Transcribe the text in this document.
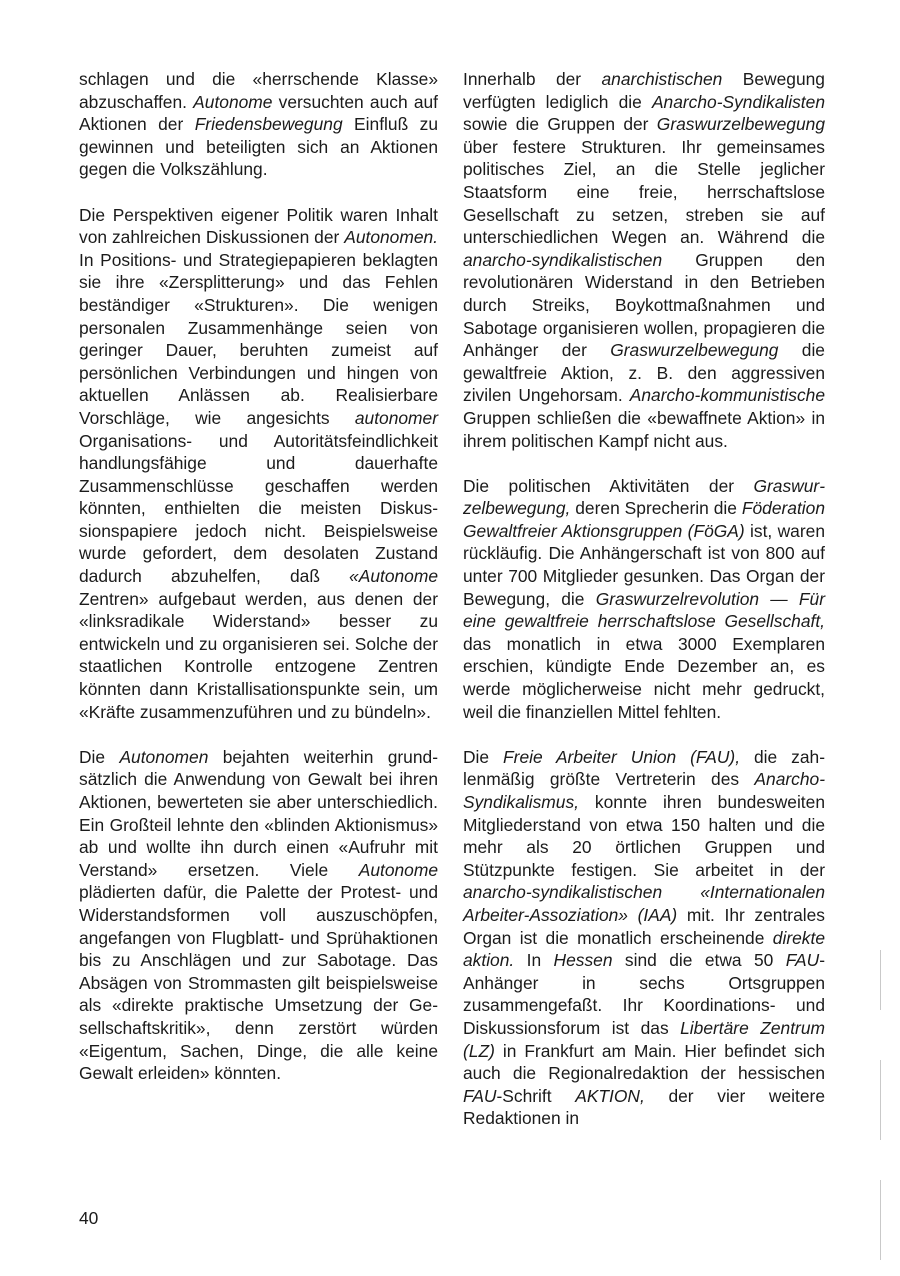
schlagen und die «herrschende Klasse» abzuschaffen. Autonome versuchten auch auf Aktionen der Friedensbewegung Einfluß zu gewinnen und beteiligten sich an Aktionen gegen die Volkszählung.

Die Perspektiven eigener Politik waren Inhalt von zahlreichen Diskussionen der Autonomen. In Positions- und Strategiepapieren beklagten sie ihre «Zersplitterung» und das Fehlen beständiger «Strukturen». Die wenigen personalen Zusammenhänge seien von geringer Dauer, beruhten zumeist auf persönlichen Verbindungen und hingen von aktuellen Anlässen ab. Realisierbare Vorschläge, wie angesichts autonomer Organisations- und Autoritätsfeindlichkeit handlungsfähige und dauerhafte Zusammenschlüsse geschaffen werden könnten, enthielten die meisten Diskussionspapiere jedoch nicht. Beispielsweise wurde gefordert, dem desolaten Zustand dadurch abzuhelfen, daß «Autonome Zentren» aufgebaut werden, aus denen der «linksradikale Widerstand» besser zu entwickeln und zu organisieren sei. Solche der staatlichen Kontrolle entzogene Zentren könnten dann Kristallisationspunkte sein, um «Kräfte zusammenzuführen und zu bündeln».

Die Autonomen bejahten weiterhin grundsätzlich die Anwendung von Gewalt bei ihren Aktionen, bewerteten sie aber unterschiedlich. Ein Großteil lehnte den «blinden Aktionismus» ab und wollte ihn durch einen «Aufruhr mit Verstand» ersetzen. Viele Autonome plädierten dafür, die Palette der Protest- und Widerstandsformen voll auszuschöpfen, angefangen von Flugblatt- und Sprühaktionen bis zu Anschlägen und zur Sabotage. Das Absägen von Strommasten gilt beispielsweise als «direkte praktische Umsetzung der Gesellschaftskritik», denn zerstört würden «Eigentum, Sachen, Dinge, die alle keine Gewalt erleiden» könnten.

Innerhalb der anarchistischen Bewegung verfügten lediglich die Anarcho-Syndikalisten sowie die Gruppen der Graswurzelbewegung über festere Strukturen. Ihr gemeinsames politisches Ziel, an die Stelle jeglicher Staatsform eine freie, herrschaftslose Gesellschaft zu setzen, streben sie auf unterschiedlichen Wegen an. Während die anarcho-syndikalistischen Gruppen den revolutionären Widerstand in den Betrieben durch Streiks, Boykottmaßnahmen und Sabotage organisieren wollen, propagieren die Anhänger der Graswurzelbewegung die gewaltfreie Aktion, z. B. den aggressiven zivilen Ungehorsam. Anarcho-kommunistische Gruppen schließen die «bewaffnete Aktion» in ihrem politischen Kampf nicht aus.

Die politischen Aktivitäten der Graswurzelbewegung, deren Sprecherin die Föderation Gewaltfreier Aktionsgruppen (FöGA) ist, waren rückläufig. Die Anhängerschaft ist von 800 auf unter 700 Mitglieder gesunken. Das Organ der Bewegung, die Graswurzelrevolution — Für eine gewaltfreie herrschaftslose Gesellschaft, das monatlich in etwa 3000 Exemplaren erschien, kündigte Ende Dezember an, es werde möglicherweise nicht mehr gedruckt, weil die finanziellen Mittel fehlten.

Die Freie Arbeiter Union (FAU), die zahlenmäßig größte Vertreterin des Anarcho-Syndikalismus, konnte ihren bundesweiten Mitgliederstand von etwa 150 halten und die mehr als 20 örtlichen Gruppen und Stützpunkte festigen. Sie arbeitet in der anarcho-syndikalistischen «Internationalen Arbeiter-Assoziation» (IAA) mit. Ihr zentrales Organ ist die monatlich erscheinende direkte aktion. In Hessen sind die etwa 50 FAU-Anhänger in sechs Ortsgruppen zusammengefaßt. Ihr Koordinations- und Diskussionsforum ist das Libertäre Zentrum (LZ) in Frankfurt am Main. Hier befindet sich auch die Regionalredaktion der hessischen FAU-Schrift AKTION, der vier weitere Redaktionen in

40
